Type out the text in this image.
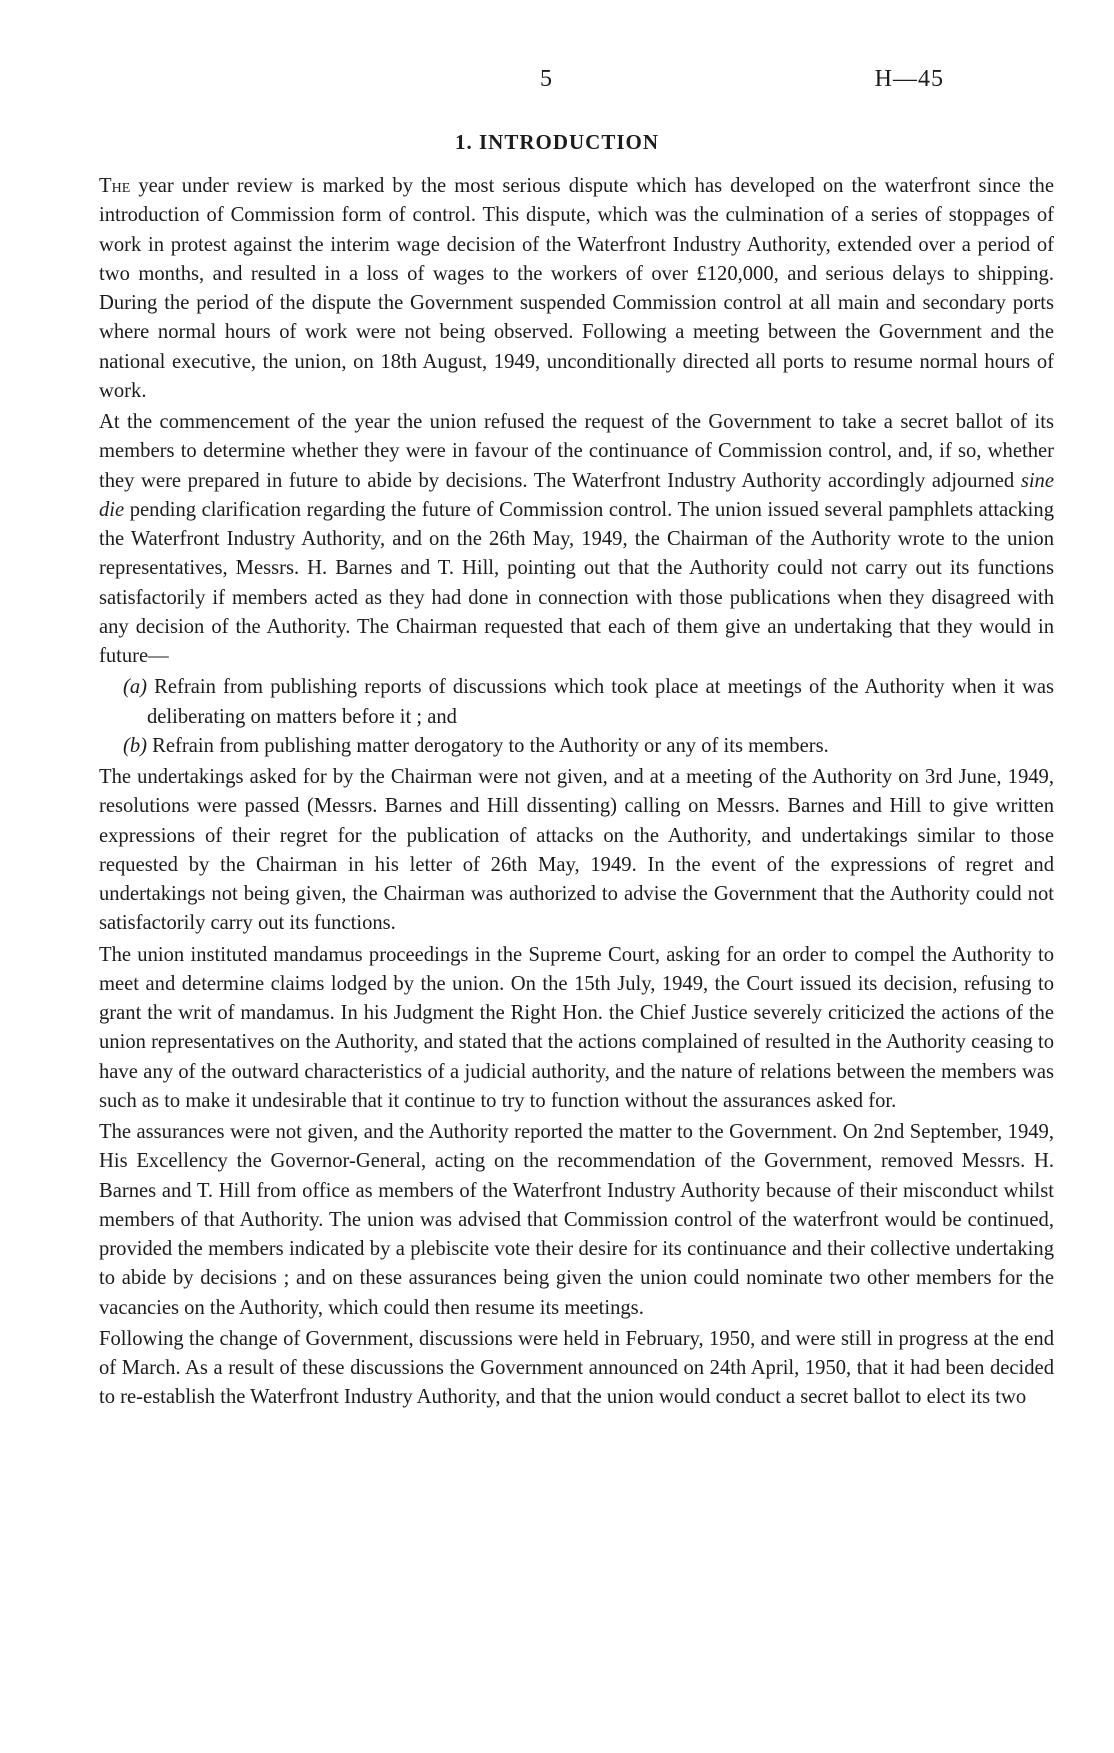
5	H—45
1. INTRODUCTION

The year under review is marked by the most serious dispute which has developed on the waterfront since the introduction of Commission form of control. This dispute, which was the culmination of a series of stoppages of work in protest against the interim wage decision of the Waterfront Industry Authority, extended over a period of two months, and resulted in a loss of wages to the workers of over £120,000, and serious delays to shipping. During the period of the dispute the Government suspended Commission control at all main and secondary ports where normal hours of work were not being observed. Following a meeting between the Government and the national executive, the union, on 18th August, 1949, unconditionally directed all ports to resume normal hours of work.

At the commencement of the year the union refused the request of the Government to take a secret ballot of its members to determine whether they were in favour of the continuance of Commission control, and, if so, whether they were prepared in future to abide by decisions. The Waterfront Industry Authority accordingly adjourned sine die pending clarification regarding the future of Commission control. The union issued several pamphlets attacking the Waterfront Industry Authority, and on the 26th May, 1949, the Chairman of the Authority wrote to the union representatives, Messrs. H. Barnes and T. Hill, pointing out that the Authority could not carry out its functions satisfactorily if members acted as they had done in connection with those publications when they disagreed with any decision of the Authority. The Chairman requested that each of them give an undertaking that they would in future—

(a) Refrain from publishing reports of discussions which took place at meetings of the Authority when it was deliberating on matters before it ; and
(b) Refrain from publishing matter derogatory to the Authority or any of its members.

The undertakings asked for by the Chairman were not given, and at a meeting of the Authority on 3rd June, 1949, resolutions were passed (Messrs. Barnes and Hill dissenting) calling on Messrs. Barnes and Hill to give written expressions of their regret for the publication of attacks on the Authority, and undertakings similar to those requested by the Chairman in his letter of 26th May, 1949. In the event of the expressions of regret and undertakings not being given, the Chairman was authorized to advise the Government that the Authority could not satisfactorily carry out its functions.

The union instituted mandamus proceedings in the Supreme Court, asking for an order to compel the Authority to meet and determine claims lodged by the union. On the 15th July, 1949, the Court issued its decision, refusing to grant the writ of mandamus. In his Judgment the Right Hon. the Chief Justice severely criticized the actions of the union representatives on the Authority, and stated that the actions complained of resulted in the Authority ceasing to have any of the outward characteristics of a judicial authority, and the nature of relations between the members was such as to make it undesirable that it continue to try to function without the assurances asked for.

The assurances were not given, and the Authority reported the matter to the Government. On 2nd September, 1949, His Excellency the Governor-General, acting on the recommendation of the Government, removed Messrs. H. Barnes and T. Hill from office as members of the Waterfront Industry Authority because of their misconduct whilst members of that Authority. The union was advised that Commission control of the waterfront would be continued, provided the members indicated by a plebiscite vote their desire for its continuance and their collective undertaking to abide by decisions ; and on these assurances being given the union could nominate two other members for the vacancies on the Authority, which could then resume its meetings.

Following the change of Government, discussions were held in February, 1950, and were still in progress at the end of March. As a result of these discussions the Government announced on 24th April, 1950, that it had been decided to re-establish the Waterfront Industry Authority, and that the union would conduct a secret ballot to elect its two
